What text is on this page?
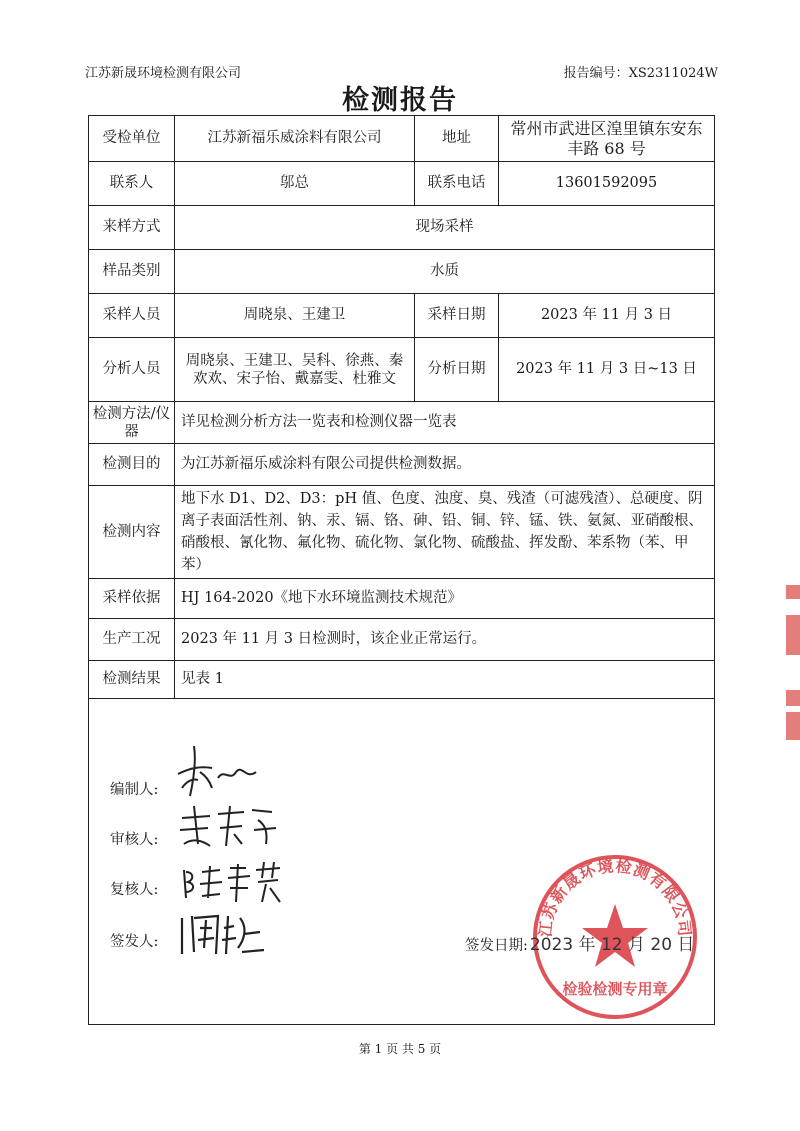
江苏新晟环境检测有限公司	报告编号：XS2311024W
检测报告
受检单位	江苏新福乐威涂料有限公司	地址	常州市武进区湟里镇东安东丰路 68 号
联系人	邬总	联系电话	13601592095
来样方式	现场采样		
样品类别	水质		
采样人员	周晓泉、王建卫	采样日期	2023 年 11 月 3 日
分析人员	周晓泉、王建卫、吴科、徐燕、秦欢欢、宋子怡、戴嘉雯、杜雅文	分析日期	2023 年 11 月 3 日~13 日
检测方法/仪器	详见检测分析方法一览表和检测仪器一览表		
检测目的	为江苏新福乐威涂料有限公司提供检测数据。		
检测内容	地下水 D1、D2、D3：pH 值、色度、浊度、臭、残渣（可滤残渣）、总硬度、阴离子表面活性剂、钠、汞、镉、铬、砷、铅、铜、锌、锰、铁、氨氮、亚硝酸根、硝酸根、氰化物、氟化物、硫化物、氯化物、硫酸盐、挥发酚、苯系物（苯、甲苯）		
采样依据	HJ 164-2020《地下水环境监测技术规范》		
生产工况	2023 年 11 月 3 日检测时，该企业正常运行。		
检测结果	见表 1		
编制人:
审核人:
复核人:
签发人:
江苏新晟环境检测有限公司
检验检测专用章
签发日期: 2023 年 12 月 20 日
第 1 页 共 5 页
